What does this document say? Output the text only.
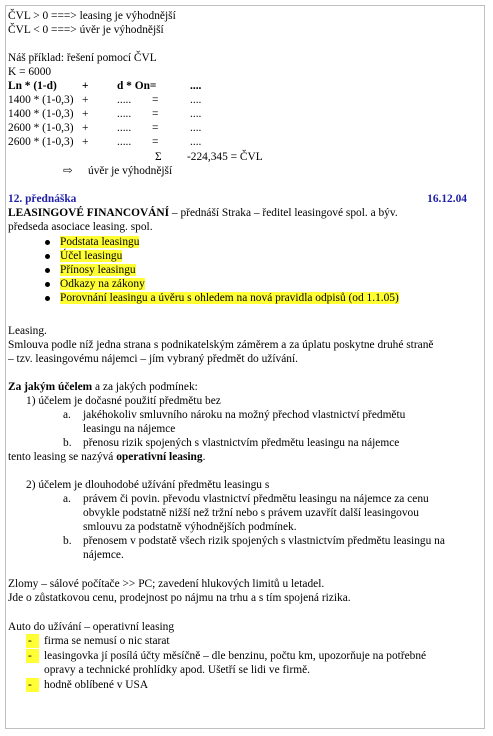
ČVL > 0 ===> leasing je výhodnější
ČVL < 0 ===> úvěr je výhodnější
Náš příklad: řešení pomocí ČVL
K = 6000
Ln * (1-d) +	d * On=	....
1400 * (1-0,3) +	..... =	....
1400 * (1-0,3) +	..... =	....
2600 * (1-0,3) +	..... =	....
2600 * (1-0,3) +	..... =	....
Σ -224,345 = ČVL
⇨ úvěr je výhodnější
12. přednáška	16.12.04
LEASINGOVÉ FINANCOVÁNÍ – přednáší Straka – ředitel leasingové spol. a býv.
předseda asociace leasing. spol.
Podstata leasingu
Účel leasingu
Přínosy leasingu
Odkazy na zákony
Porovnání leasingu a úvěru s ohledem na nová pravidla odpisů (od 1.1.05)
Leasing.
Smlouva podle níž jedna strana s podnikatelským záměrem a za úplatu poskytne druhé straně
– tzv. leasingovému nájemci – jím vybraný předmět do užívání.
Za jakým účelem a za jakých podmínek:
1) účelem je dočasné použití předmětu bez
a. jakéhokoliv smluvního nároku na možný přechod vlastnictví předmětu
leasingu na nájemce
b. přenosu rizik spojených s vlastnictvím předmětu leasingu na nájemce
tento leasing se nazývá operativní leasing.
2) účelem je dlouhodobé užívání předmětu leasingu s
a. právem či povin. převodu vlastnictví předmětu leasingu na nájemce za cenu
obvykle podstatně nižší než tržní nebo s právem uzavřít další leasingovou
smlouvu za podstatně výhodnějších podmínek.
b. přenosem v podstatě všech rizik spojených s vlastnictvím předmětu leasingu na
nájemce.
Zlomy – sálové počítače >> PC; zavedení hlukových limitů u letadel.
Jde o zůstatkovou cenu, prodejnost po nájmu na trhu a s tím spojená rizika.
Auto do užívání – operativní leasing
-	firma se nemusí o nic starat
-	leasingovka jí posílá účty měsíčně – dle benzinu, počtu km, upozorňuje na potřebné
opravy a technické prohlídky apod. Ušetří se lidi ve firmě.
-	hodně oblíbené v USA
